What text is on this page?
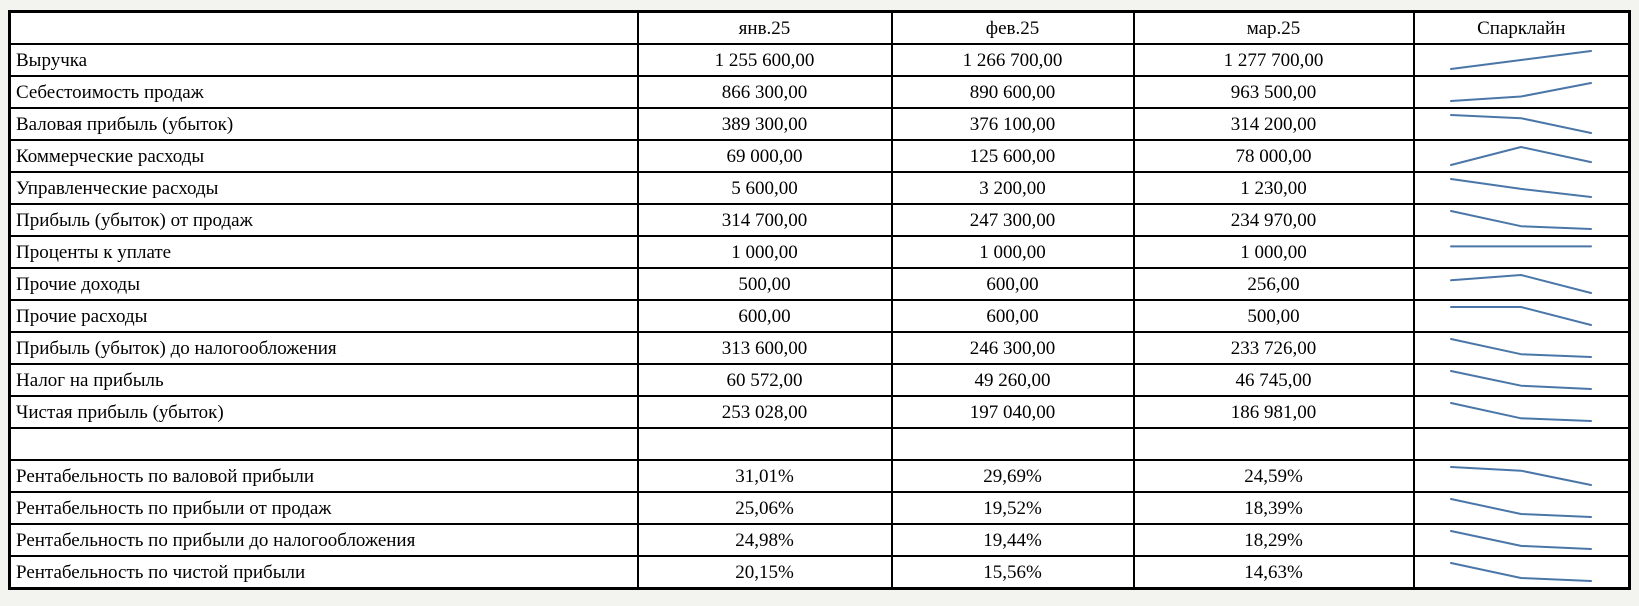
	янв.25	фев.25	мар.25	Спарклайн
Выручка	1 255 600,00	1 266 700,00	1 277 700,00	

Себестоимость продаж	866 300,00	890 600,00	963 500,00	

Валовая прибыль (убыток)	389 300,00	376 100,00	314 200,00	

Коммерческие расходы	69 000,00	125 600,00	78 000,00	

Управленческие расходы	5 600,00	3 200,00	1 230,00	

Прибыль (убыток) от продаж	314 700,00	247 300,00	234 970,00	

Проценты к уплате	1 000,00	1 000,00	1 000,00	

Прочие доходы	500,00	600,00	256,00	

Прочие расходы	600,00	600,00	500,00	

Прибыль (убыток) до налогообложения	313 600,00	246 300,00	233 726,00	

Налог на прибыль	60 572,00	49 260,00	46 745,00	

Чистая прибыль (убыток)	253 028,00	197 040,00	186 981,00	

Рентабельность по валовой прибыли	31,01%	29,69%	24,59%	

Рентабельность по прибыли от продаж	25,06%	19,52%	18,39%	

Рентабельность по прибыли до налогообложения	24,98%	19,44%	18,29%	

Рентабельность по чистой прибыли	20,15%	15,56%	14,63%	
